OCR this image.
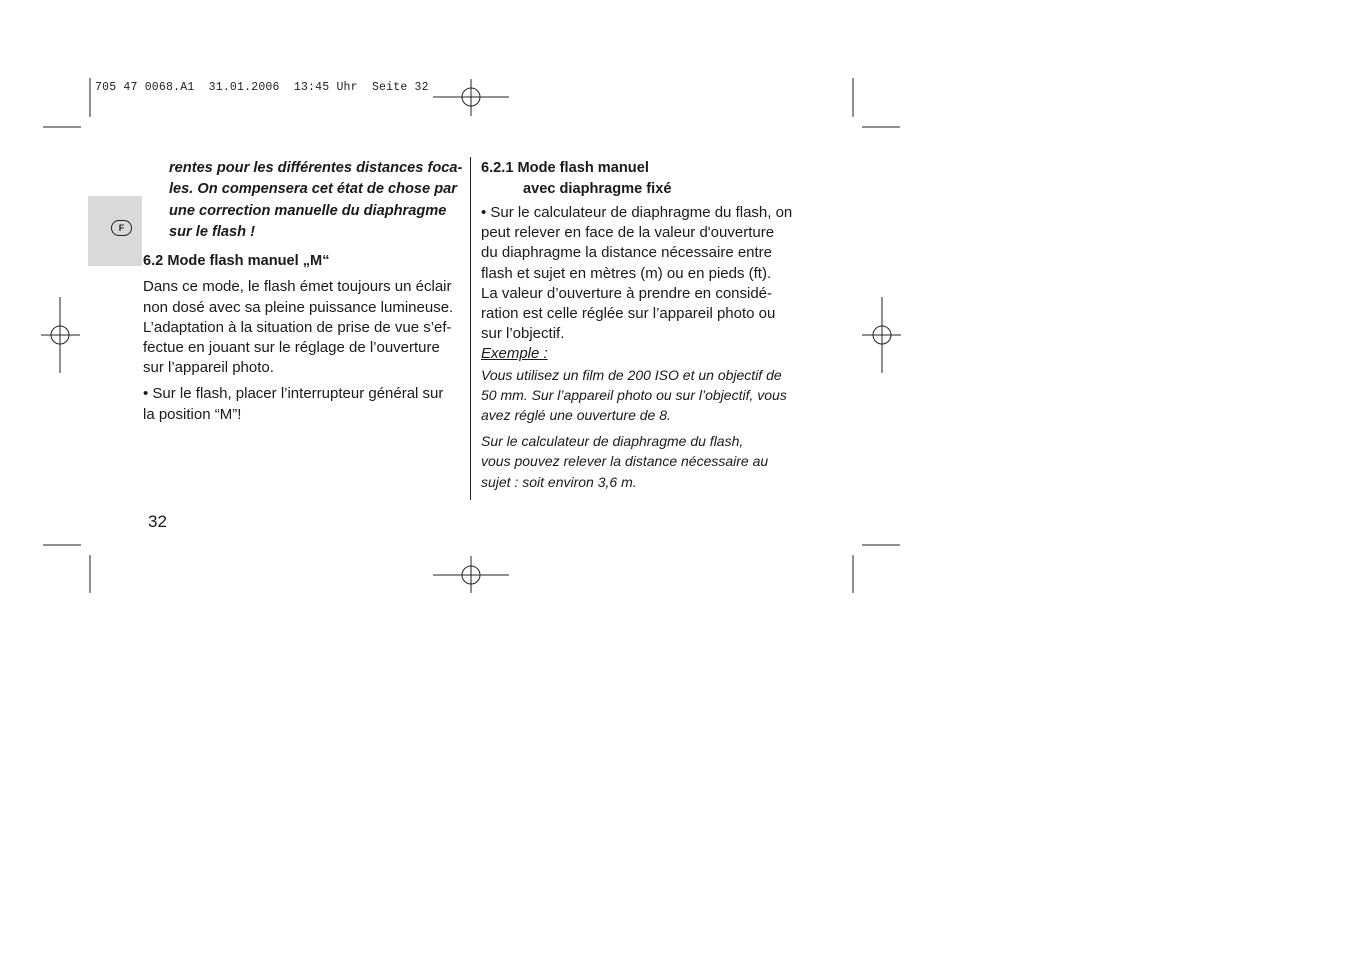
705 47 0068.A1  31.01.2006  13:45 Uhr  Seite 32
F
rentes pour les différentes distances foca-
les. On compensera cet état de chose par
une correction manuelle du diaphragme
sur le flash !

6.2 Mode flash manuel „M“

Dans ce mode, le flash émet toujours un éclair
non dosé avec sa pleine puissance lumineuse.
L’adaptation à la situation de prise de vue s’ef-
fectue en jouant sur le réglage de l’ouverture
sur l’appareil photo.
• Sur le flash, placer l’interrupteur général sur
la position “M”!
6.2.1 Mode flash manuel
avec diaphragme fixé
• Sur le calculateur de diaphragme du flash, on
peut relever en face de la valeur d'ouverture
du diaphragme la distance nécessaire entre
flash et sujet en mètres (m) ou en pieds (ft).
La valeur d’ouverture à prendre en considé-
ration est celle réglée sur l’appareil photo ou
sur l’objectif.

Exemple :

Vous utilisez un film de 200 ISO et un objectif de
50 mm. Sur l’appareil photo ou sur l’objectif, vous
avez réglé une ouverture de 8.
Sur le calculateur de diaphragme du flash,
vous pouvez relever la distance nécessaire au
sujet : soit environ 3,6 m.
32
